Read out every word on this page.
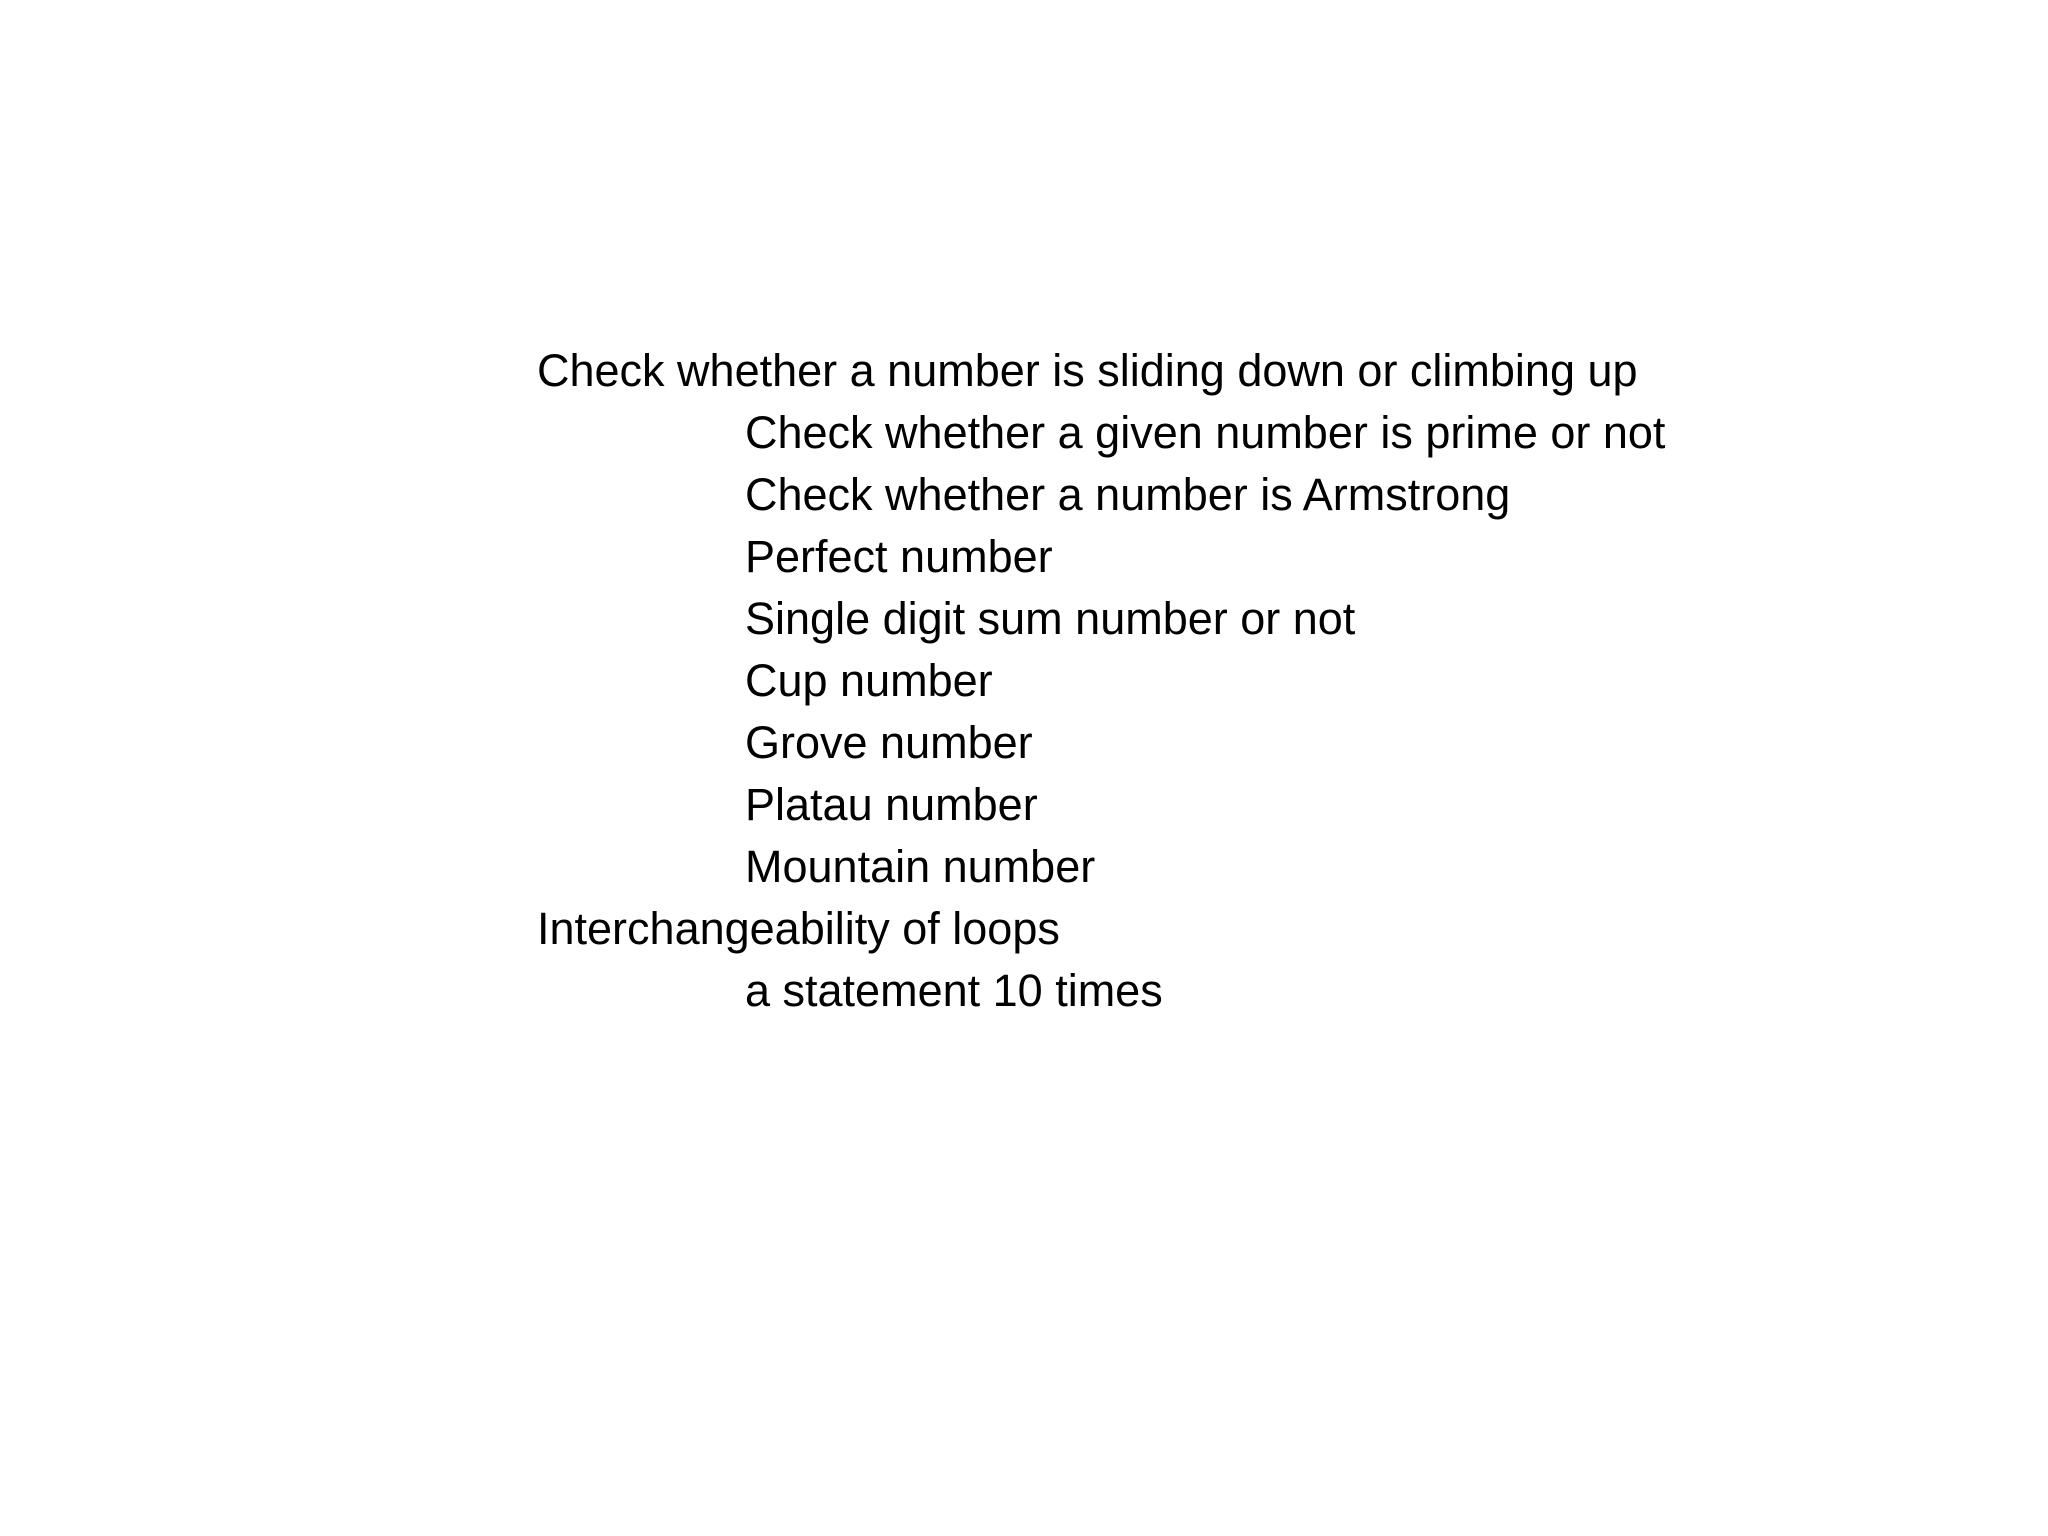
Check whether a number is sliding down or climbing up
Check whether a given number is prime or not
Check whether a number is Armstrong
Perfect number
Single digit sum number or not
Cup number
Grove number
Platau number
Mountain number
Interchangeability of loops
a statement 10 times
